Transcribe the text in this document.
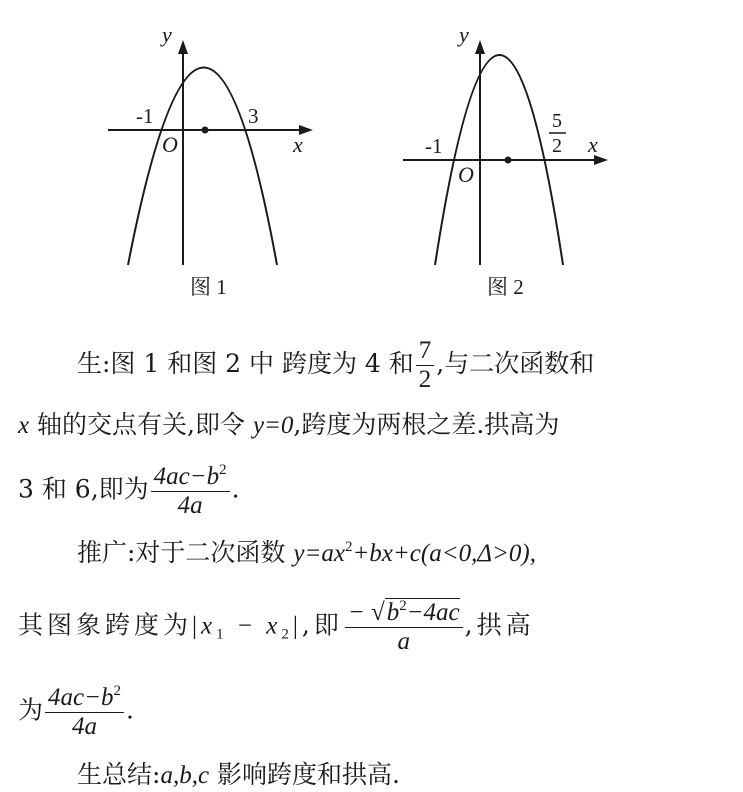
y
x
O
-1	3
图 1
y
x
O
-1
5
2
图 2
生:图 1 和图 2 中 跨度为 4 和 $\frac{7}{2}$ ,与二次函数和
x 轴的交点有关,即令 y=0,跨度为两根之差.拱高为
3 和 6,即为 $\frac{4ac-b^2}{4a}$ .
推广:对于二次函数 $y=ax^2+bx+c(a<0,\Delta>0)$,
其图象跨度为$|x_1 - x_2|$,即 $\frac{- √b^2-4ac}{a}$ ,拱高
为 $\frac{4ac-b^2}{4a}$ .
生总结:a,b,c 影响跨度和拱高.
